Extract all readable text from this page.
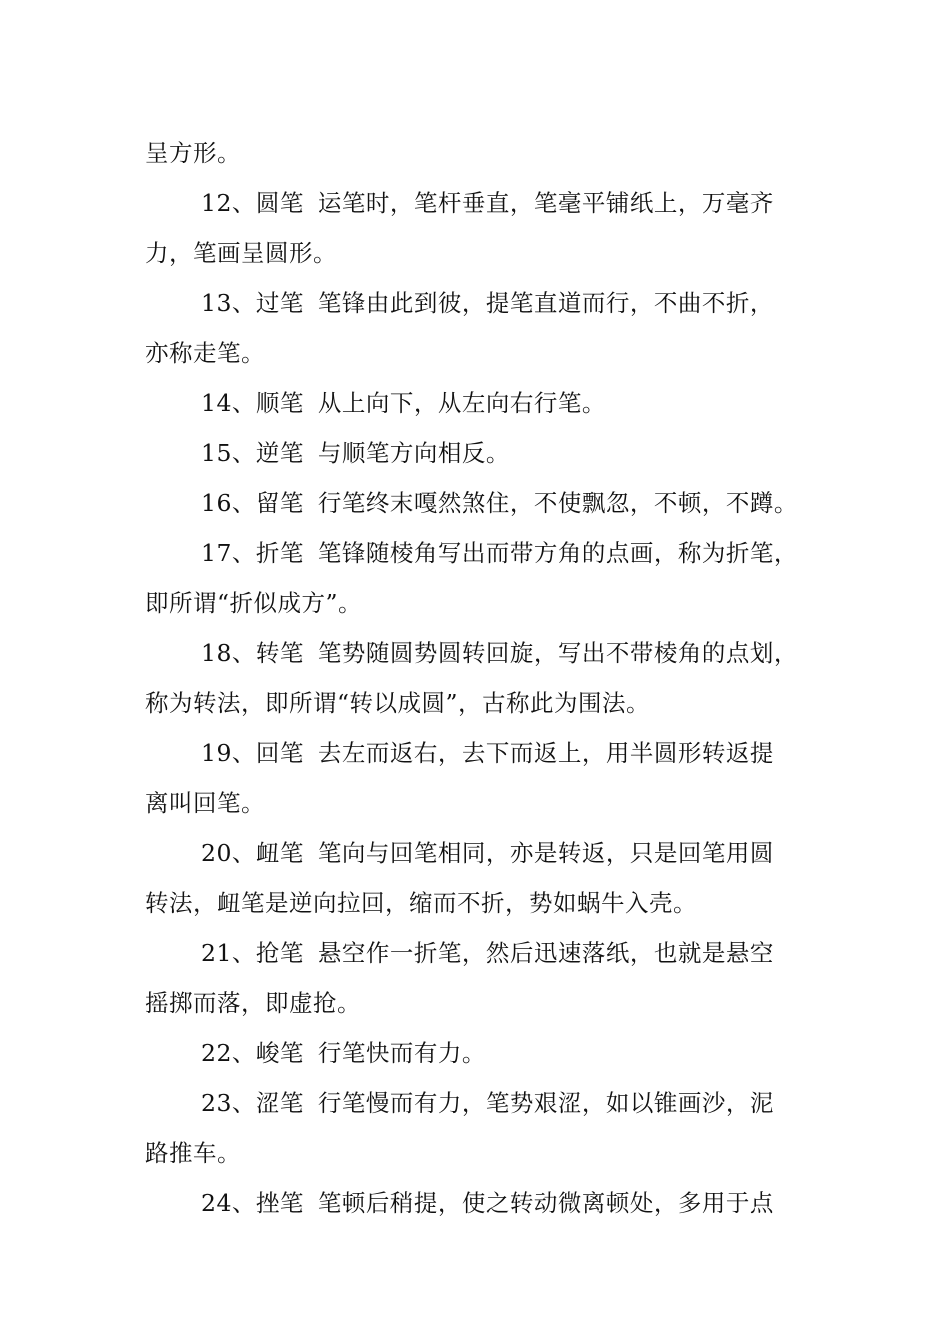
呈方形。
12、圆笔 运笔时，笔杆垂直，笔毫平铺纸上，万毫齐
力，笔画呈圆形。
13、过笔 笔锋由此到彼，提笔直道而行，不曲不折，
亦称走笔。
14、顺笔 从上向下，从左向右行笔。
15、逆笔 与顺笔方向相反。
16、留笔 行笔终末嘎然煞住，不使飘忽，不顿，不蹲。
17、折笔 笔锋随棱角写出而带方角的点画，称为折笔，
即所谓“折似成方”。
18、转笔 笔势随圆势圆转回旋，写出不带棱角的点划，
称为转法，即所谓“转以成圆”，古称此为围法。
19、回笔 去左而返右，去下而返上，用半圆形转返提
离叫回笔。
20、衄笔 笔向与回笔相同，亦是转返，只是回笔用圆
转法，衄笔是逆向拉回，缩而不折，势如蜗牛入壳。
21、抢笔 悬空作一折笔，然后迅速落纸，也就是悬空
摇掷而落，即虚抢。
22、峻笔 行笔快而有力。
23、涩笔 行笔慢而有力，笔势艰涩，如以锥画沙，泥
路推车。
24、挫笔 笔顿后稍提，使之转动微离顿处，多用于点
